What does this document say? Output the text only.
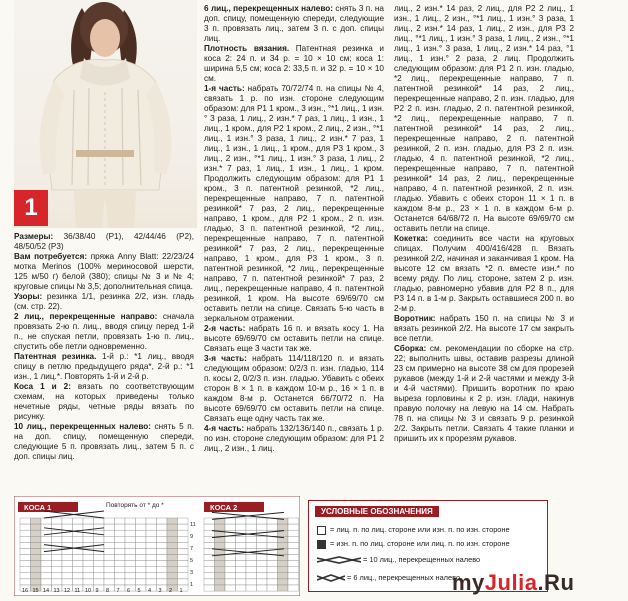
1

Размеры: 36/38/40 (P1), 42/44/46 (P2), 48/50/52 (P3)

Вам потребуется: пряжа Anny Blatt: 22/23/24 мотка Merinos (100% мериносовой шерсти, 125 м/50 г) белой (380); спицы № 3 и № 4; круговые спицы № 3,5; дополнительная спица.

Узоры: резинка 1/1, резинка 2/2, изн. гладь (см. стр. 22).

2 лиц., перекрещенные направо: сначала провязать 2-ю п. лиц., вводя спицу перед 1-й п., не спуская петли, провязать 1-ю п. лиц., спустить обе петли одновременно.

Патентная резинка. 1-й р.: *1 лиц., вводя спицу в петлю предыдущего ряда*, 2-й р.: *1 изн., 1 лиц.*. Повторять 1-й и 2-й р.

Коса 1 и 2: вязать по соответствующим схемам, на которых приведены только нечетные ряды, четные ряды вязать по рисунку.

10 лиц., перекрещенных налево: снять 5 п. на доп. спицу, помещенную спереди, следующие 5 п. провязать лиц., затем 5 п. с доп. спицы лиц.

6 лиц., перекрещенных налево: снять 3 п. на доп. спицу, помещенную спереди, следующие 3 п. провязать лиц., затем 3 п. с доп. спицы лиц.

Плотность вязания. Патентная резинка и коса 2: 24 п. и 34 р. = 10 × 10 см; коса 1: ширина 5,5 см; коса 2: 33,5 п. и 32 р. = 10 × 10 см.

1-я часть: набрать 70/72/74 п. на спицы № 4, связать 1 р. по изн. стороне следующим образом: для P1 1 кром., 3 изн., °*1 лиц., 1 изн.° 3 раза, 1 лиц., 2 изн.* 7 раз, 1 лиц., 1 изн., 1 лиц., 1 кром., для P2 1 кром., 2 лиц., 2 изн., °*1 лиц., 1 изн.° 3 раза, 1 лиц., 2 изн.* 7 раз, 1 лиц., 1 изн., 1 лиц., 1 кром., для P3 1 кром., 3 лиц., 2 изн., °*1 лиц., 1 изн.° 3 раза, 1 лиц., 2 изн.* 7 раз, 1 лиц., 1 изн., 1 лиц., 1 кром. Продолжить следующим образом: для P1 1 кром., 3 п. патентной резинкой, *2 лиц., перекрещенные направо, 7 п. патентной резинкой* 7 раз, 2 лиц., перекрещенные направо, 1 кром., для P2 1 кром., 2 п. изн. гладью, 3 п. патентной резинкой, *2 лиц., перекрещенные направо, 7 п. патентной резинкой* 7 раз, 2 лиц., перекрещенные направо, 1 кром., для P3 1 кром., 3 п. патентной резинкой, *2 лиц., перекрещенные направо, 7 п. патентной резинкой* 7 раз, 2 лиц., перекрещенные направо, 4 п. патентной резинкой, 1 кром. На высоте 69/69/70 см оставить петли на спице. Связать 5-ю часть в зеркальном отражении.

2-я часть: набрать 16 п. и вязать косу 1. На высоте 69/69/70 см оставить петли на спице. Связать еще 3 части так же.

3-я часть: набрать 114/118/120 п. и вязать следующим образом: 0/2/3 п. изн. гладью, 114 п. косы 2, 0/2/3 п. изн. гладью. Убавить с обеих сторон 8 × 1 п. в каждом 10-м р., 16 × 1 п. в каждом 8-м р. Останется 66/70/72 п. На высоте 69/69/70 см оставить петли на спице. Связать еще одну часть так же.

4-я часть: набрать 132/136/140 п., связать 1 р. по изн. стороне следующим образом: для P1 2 лиц., 2 изн., 1 лиц.

лиц., 2 изн.* 14 раз, 2 лиц., для P2 2 лиц., 1 изн., 1 лиц., 2 изн., °*1 лиц., 1 изн.° 3 раза, 1 лиц., 2 изн.* 14 раз, 1 лиц., 2 изн., для P3 2 лиц., °*1 лиц., 1 изн.° 3 раза, 1 лиц., 2 изн., °*1 лиц., 1 изн.° 3 раза, 1 лиц., 2 изн.* 14 раз, °1 лиц., 1 изн.° 2 раза, 2 лиц. Продолжить следующим образом: для P1 2 п. изн. гладью, *2 лиц., перекрещенные направо, 7 п. патентной резинкой* 14 раз, 2 лиц., перекрещенные направо, 2 п. изн. гладью, для P2 2 п. изн. гладью, 2 п. патентной резинкой, *2 лиц., перекрещенные направо, 7 п. патентной резинкой* 14 раз, 2 лиц., перекрещенные направо, 2 п. патентной резинкой, 2 п. изн. гладью, для P3 2 п. изн. гладью, 4 п. патентной резинкой, *2 лиц., перекрещенные направо, 7 п. патентной резинкой* 14 раз, 2 лиц., перекрещенные направо, 4 п. патентной резинкой, 2 п. изн. гладью. Убавить с обеих сторон 11 × 1 п. в каждом 8-м р., 23 × 1 п. в каждом 6-м р. Останется 64/68/72 п. На высоте 69/69/70 см оставить петли на спице.

Кокетка: соединить все части на круговых спицах. Получим 400/416/428 п. Вязать резинкой 2/2, начиная и заканчивая 1 кром. На высоте 12 см вязать *2 п. вместе изн.* по всему ряду. По лиц. стороне, затем 2 р. изн. гладью, равномерно убавив для P2 8 п., для P3 14 п. в 1-м р. Закрыть оставшиеся 200 п. во 2-м р.

Воротник: набрать 150 п. на спицы № 3 и вязать резинкой 2/2. На высоте 17 см закрыть все петли.

Сборка: см. рекомендации по сборке на стр. 22; выполнить швы, оставив разрезы длиной 23 см примерно на высоте 38 см для прорезей рукавов (между 1-й и 2-й частями и между 3-й и 4-й частями). Пришить воротник по краю выреза горловины к 2 р. изн. глади, накинув правую полочку на левую на 14 см. Набрать 78 п. на спицы № 3 и связать 9 р. резинкой 2/2. Закрыть петли. Связать 4 такие планки и пришить их к прорезям рукавов.

КОСА 1	Повторять от * до *	КОСА 2
16 15 14 13 12 11 10 9 8 7 6 5 4 3 2 1
11
9
7
5
3
1
УСЛОВНЫЕ ОБОЗНАЧЕНИЯ
= лиц. п. по лиц. стороне или изн. п. по изн. стороне
= изн. п. по лиц. стороне или лиц. п. по изн. стороне
= 10 лиц., перекрещенных налево
= 6 лиц., перекрещенных налево
myJulia.Ru
